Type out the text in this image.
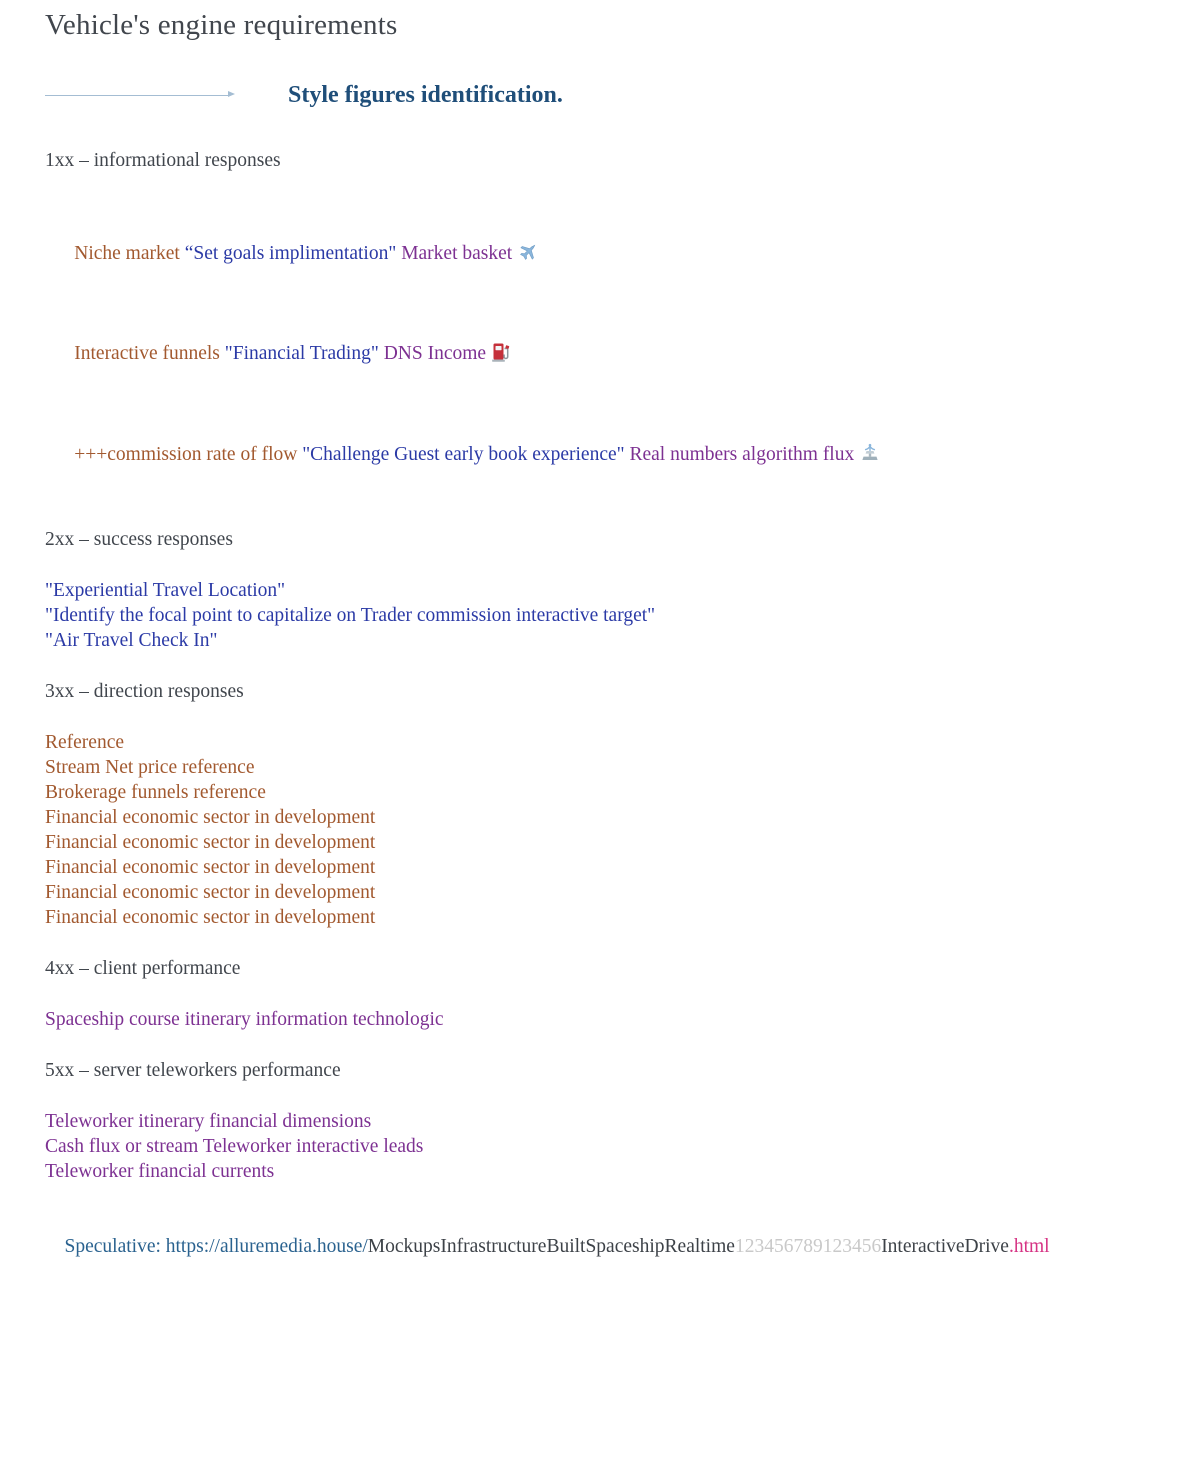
Vehicle's engine requirements
Style figures identification.

1xx – informational responses

Niche market “Set goals implimentation" Market basket

Interactive funnels "Financial Trading" DNS Income

+++commission rate of flow "Challenge Guest early book experience" Real numbers algorithm flux

2xx – success responses

"Experiential Travel Location"
"Identify the focal point to capitalize on Trader commission interactive target"
"Air Travel Check In"

3xx – direction responses

Reference
Stream Net price reference
Brokerage funnels reference
Financial economic sector in development
Financial economic sector in development
Financial economic sector in development
Financial economic sector in development
Financial economic sector in development

4xx – client performance

Spaceship course itinerary information technologic

5xx – server teleworkers performance

Teleworker itinerary financial dimensions
Cash flux or stream Teleworker interactive leads
Teleworker financial currents

Speculative: https://alluremedia.house/MockupsInfrastructureBuiltSpaceshipRealtime123456789123456InteractiveDrive.html
